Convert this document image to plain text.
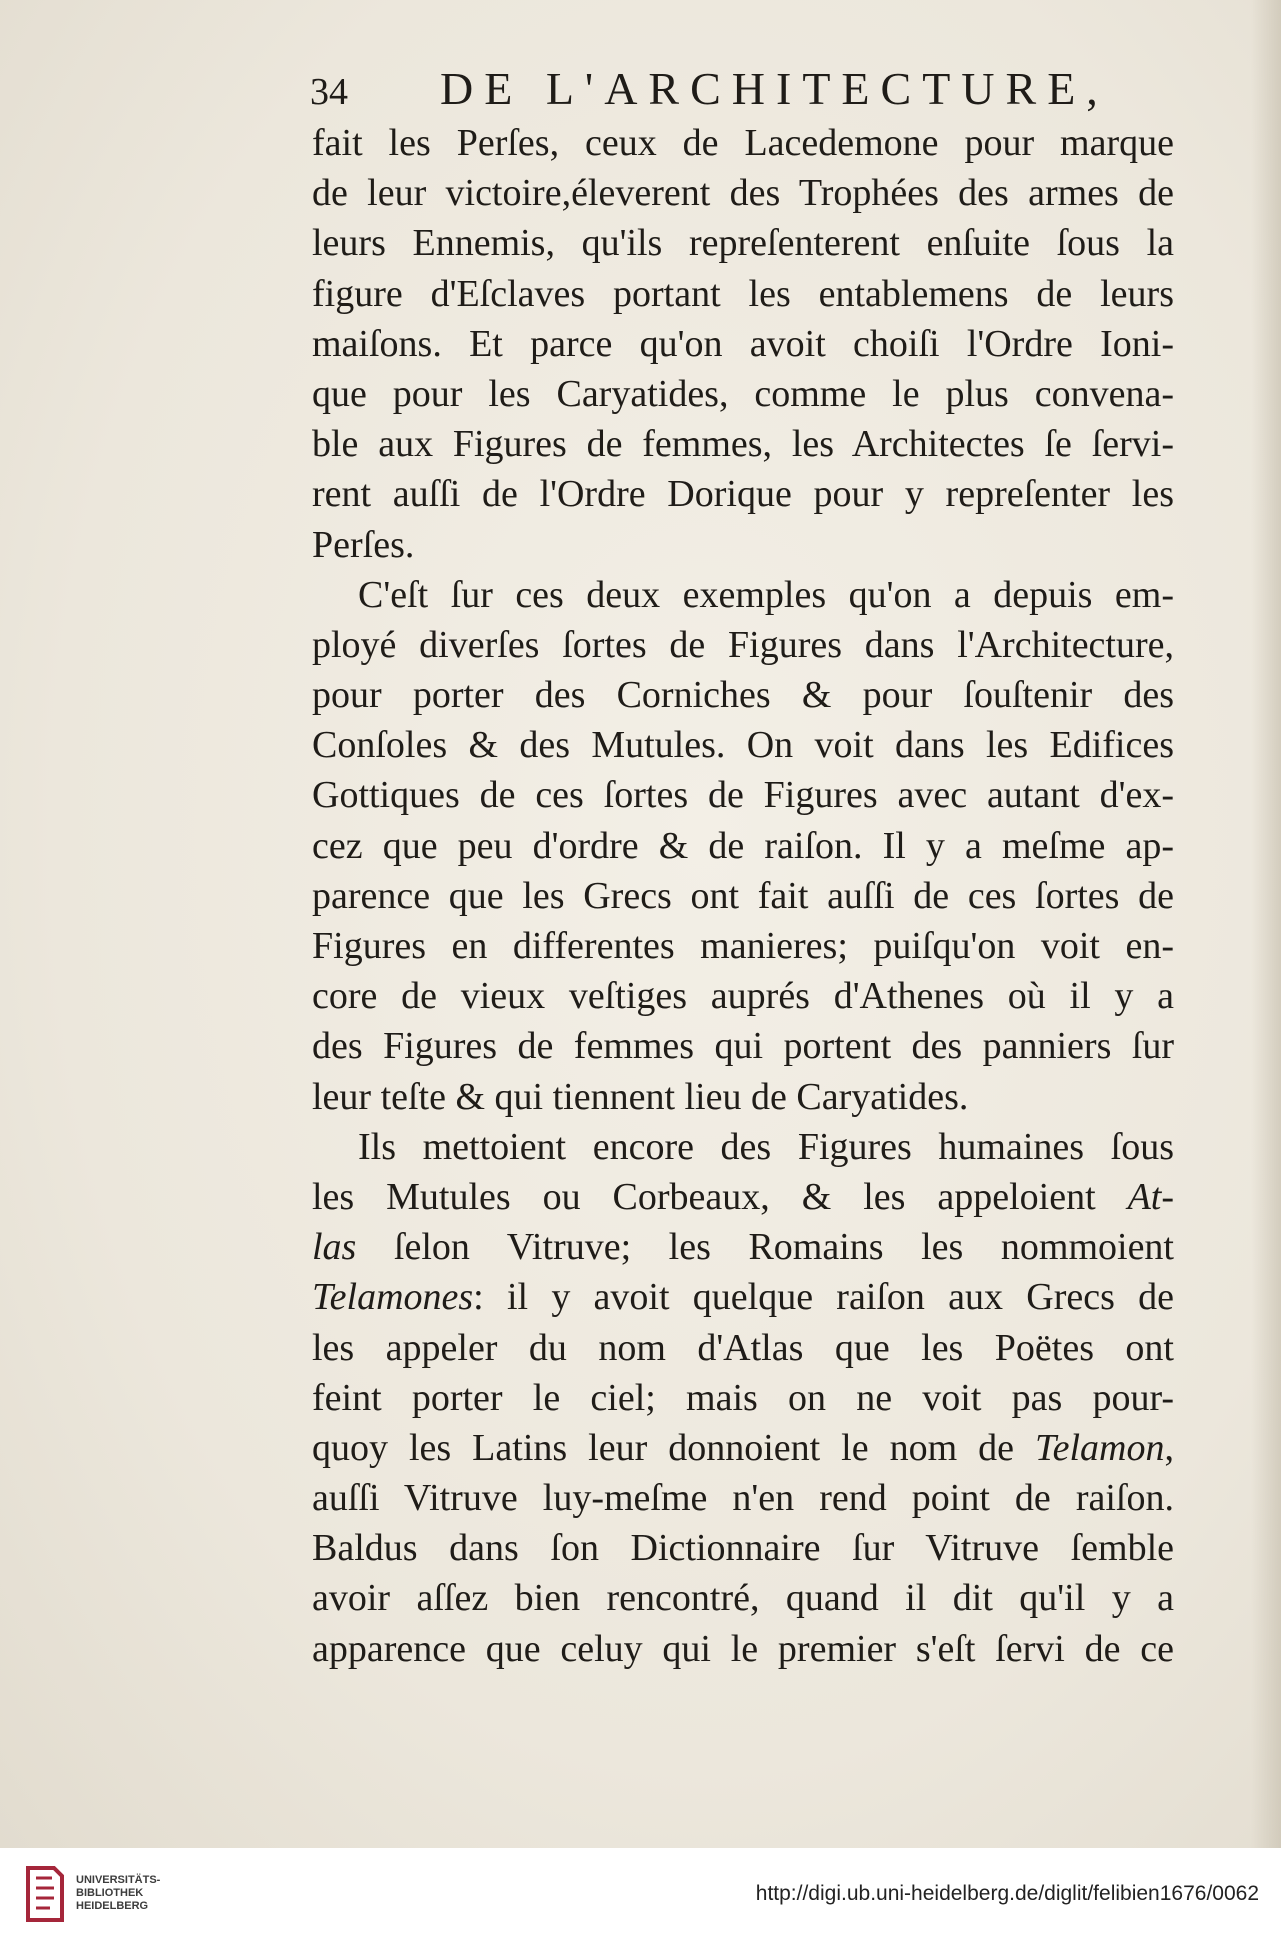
34 DE L'ARCHITECTURE,
fait les Perſes, ceux de Lacedemone pour marque
de leur victoire,éleverent des Trophées des armes de
leurs Ennemis, qu'ils repreſenterent enſuite ſous la
figure d'Eſclaves portant les entablemens de leurs
maiſons. Et parce qu'on avoit choiſi l'Ordre Ioni-
que pour les Caryatides, comme le plus convena-
ble aux Figures de femmes, les Architectes ſe ſervi-
rent auſſi de l'Ordre Dorique pour y repreſenter les
Perſes.
C'eſt ſur ces deux exemples qu'on a depuis em-
ployé diverſes ſortes de Figures dans l'Architecture,
pour porter des Corniches & pour ſouſtenir des
Conſoles & des Mutules. On voit dans les Edifices
Gottiques de ces ſortes de Figures avec autant d'ex-
cez que peu d'ordre & de raiſon. Il y a meſme ap-
parence que les Grecs ont fait auſſi de ces ſortes de
Figures en differentes manieres; puiſqu'on voit en-
core de vieux veſtiges auprés d'Athenes où il y a
des Figures de femmes qui portent des panniers ſur
leur teſte & qui tiennent lieu de Caryatides.
Ils mettoient encore des Figures humaines ſous
les Mutules ou Corbeaux, & les appeloient At-
las ſelon Vitruve; les Romains les nommoient
Telamones: il y avoit quelque raiſon aux Grecs de
les appeler du nom d'Atlas que les Poëtes ont
feint porter le ciel; mais on ne voit pas pour-
quoy les Latins leur donnoient le nom de Telamon,
auſſi Vitruve luy-meſme n'en rend point de raiſon.
Baldus dans ſon Dictionnaire ſur Vitruve ſemble
avoir aſſez bien rencontré, quand il dit qu'il y a
apparence que celuy qui le premier s'eſt ſervi de ce
UNIVERSITÄTS-
BIBLIOTHEK
HEIDELBERG
http://digi.ub.uni-heidelberg.de/diglit/felibien1676/0062
